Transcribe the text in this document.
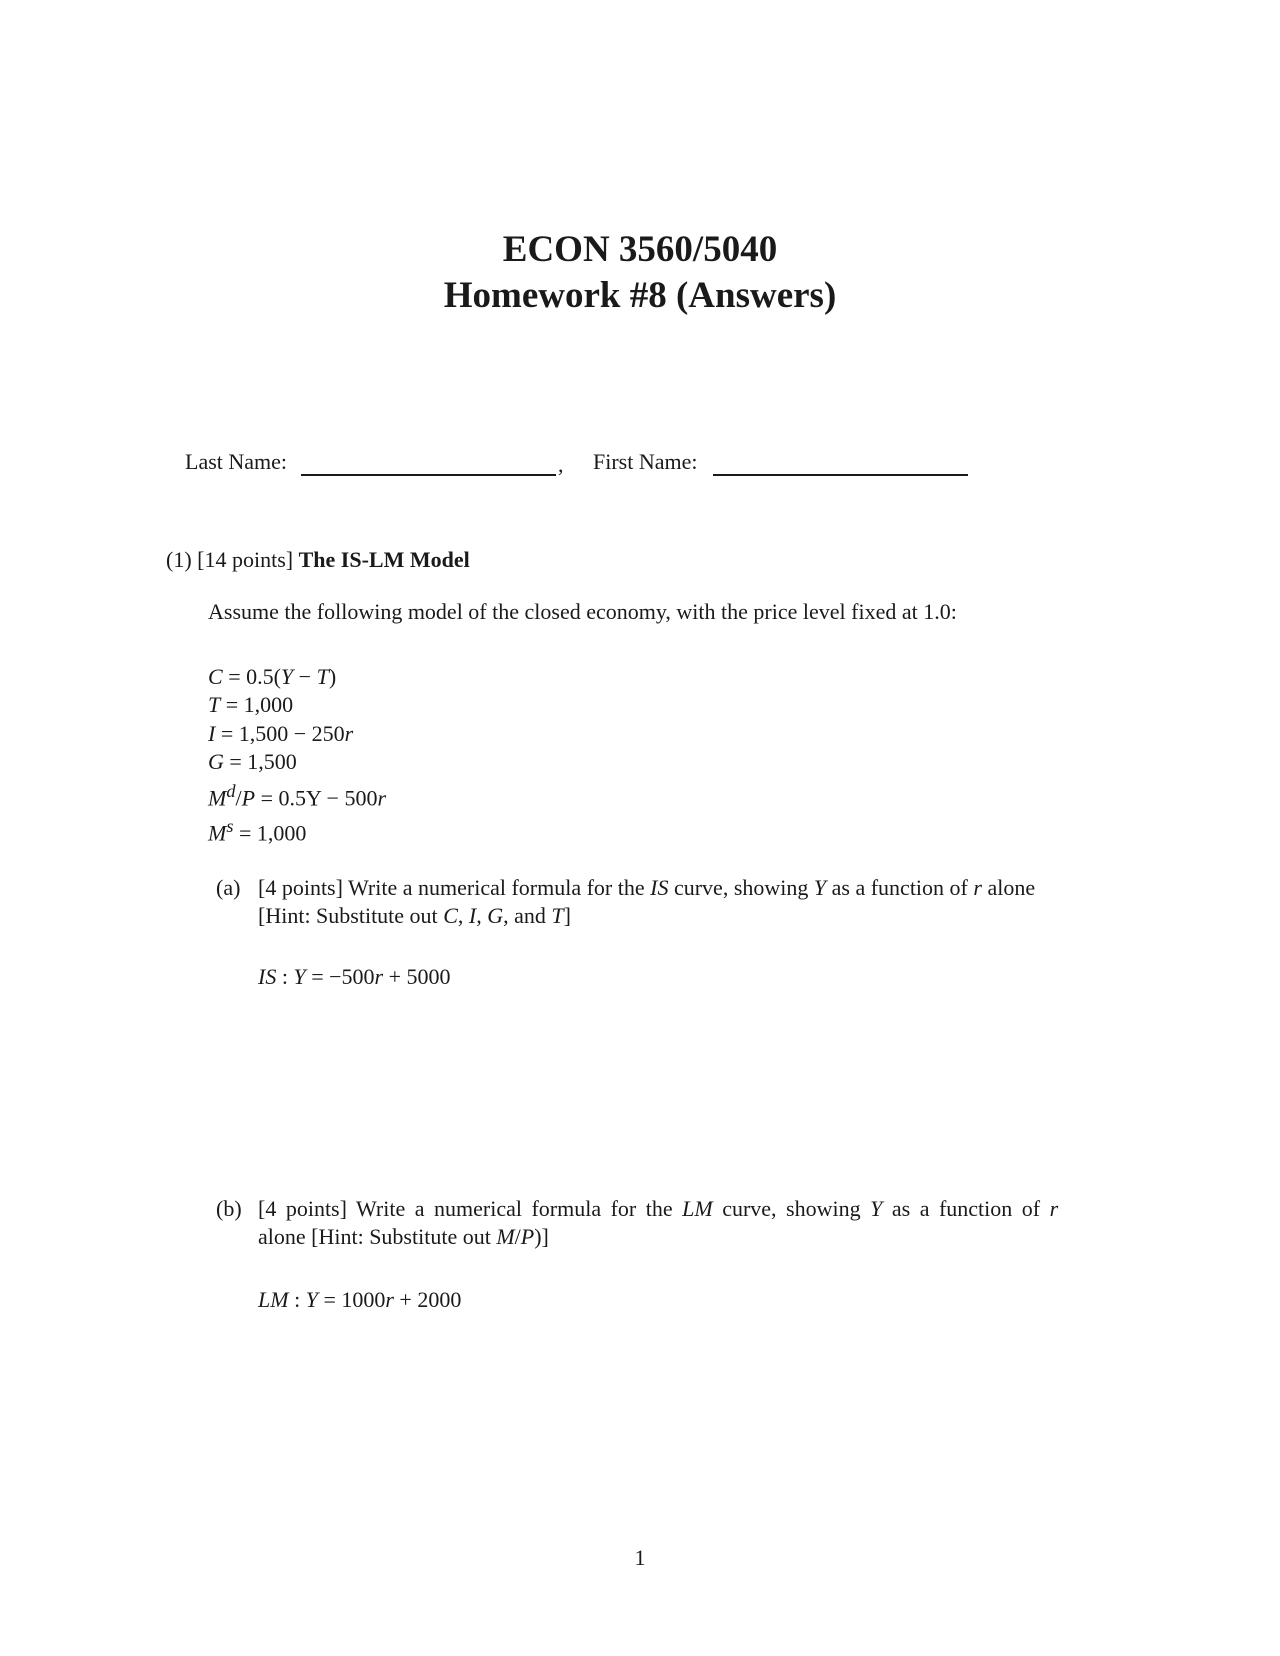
ECON 3560/5040
Homework #8 (Answers)
Last Name:	, First Name:
(1) [14 points] The IS-LM Model
Assume the following model of the closed economy, with the price level fixed at 1.0:
C = 0.5(Y − T)
T = 1,000
I = 1,500 − 250r
G = 1,500
$M^d/P = 0.5Y - 500r$
$M^s = 1,000$
(a) [4 points] Write a numerical formula for the IS curve, showing Y as a function of r alone
[Hint: Substitute out C, I, G, and T]
IS : Y = −500r + 5000
(b) [4 points] Write a numerical formula for the LM curve, showing Y as a function of r
alone [Hint: Substitute out M/P)]
LM : Y = 1000r + 2000
1
